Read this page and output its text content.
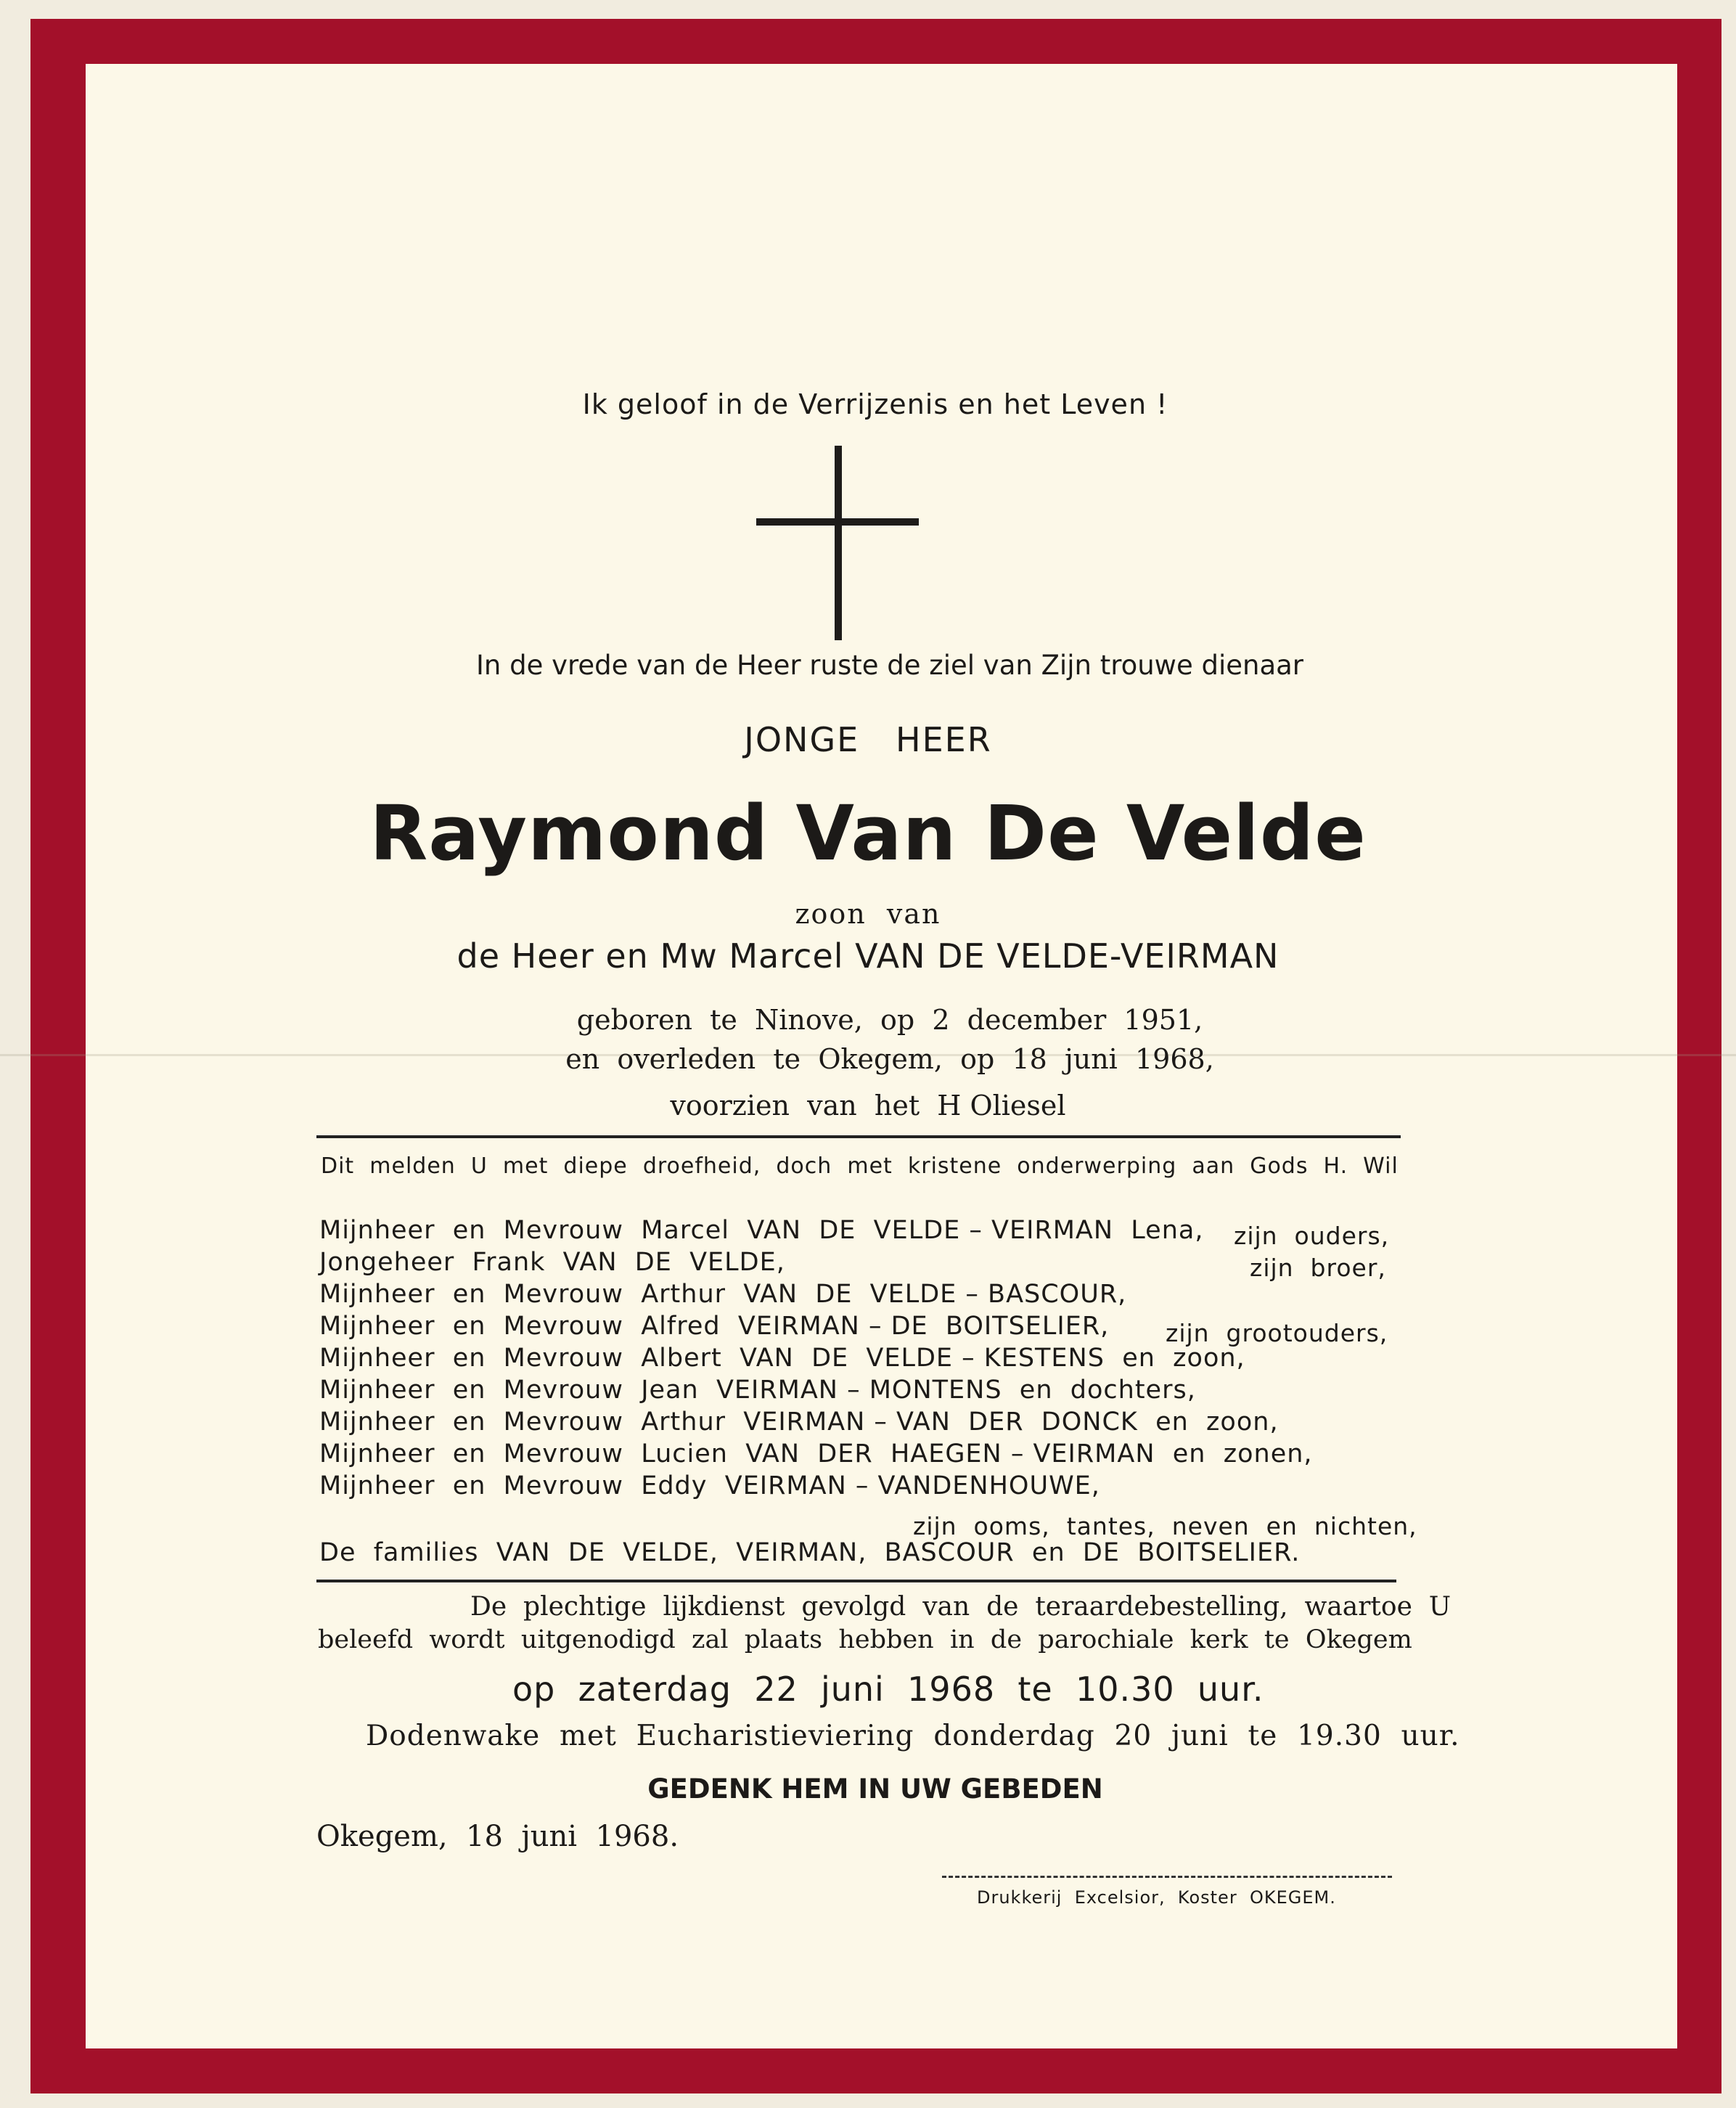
Ik geloof in de Verrijzenis en het Leven !

In de vrede van de Heer ruste de ziel van Zijn trouwe dienaar

JONGE   HEER

Raymond Van De Velde

zoon  van

de Heer en Mw Marcel VAN DE VELDE-VEIRMAN

geboren  te  Ninove,  op  2  december  1951,

en  overleden  te  Okegem,  op  18  juni  1968,

voorzien  van  het  H Oliesel

Dit  melden  U  met  diepe  droefheid,  doch  met  kristene  onderwerping  aan  Gods  H.  Wil

Mijnheer  en  Mevrouw  Marcel  VAN  DE  VELDE – VEIRMAN  Lena, zijn  ouders,

Jongeheer  Frank  VAN  DE  VELDE,	zijn  broer,

Mijnheer  en  Mevrouw  Arthur  VAN  DE  VELDE – BASCOUR,

Mijnheer  en  Mevrouw  Alfred  VEIRMAN – DE  BOITSELIER, zijn  grootouders,

Mijnheer  en  Mevrouw  Albert  VAN  DE  VELDE – KESTENS  en  zoon,

Mijnheer  en  Mevrouw  Jean  VEIRMAN – MONTENS  en  dochters,

Mijnheer  en  Mevrouw  Arthur  VEIRMAN – VAN  DER  DONCK  en  zoon,

Mijnheer  en  Mevrouw  Lucien  VAN  DER  HAEGEN – VEIRMAN  en  zonen,

Mijnheer  en  Mevrouw  Eddy  VEIRMAN – VANDENHOUWE,

zijn  ooms,  tantes,  neven  en  nichten,

De  families  VAN  DE  VELDE,  VEIRMAN,  BASCOUR  en  DE  BOITSELIER.

De  plechtige  lijkdienst  gevolgd  van  de  teraardebestelling,  waartoe  U

beleefd  wordt  uitgenodigd  zal  plaats  hebben  in  de  parochiale  kerk  te  Okegem

op  zaterdag  22  juni  1968  te  10.30  uur.

Dodenwake  met  Eucharistieviering  donderdag  20  juni  te  19.30  uur.

GEDENK HEM IN UW GEBEDEN

Okegem,  18  juni  1968.

Drukkerij  Excelsior,  Koster  OKEGEM.
